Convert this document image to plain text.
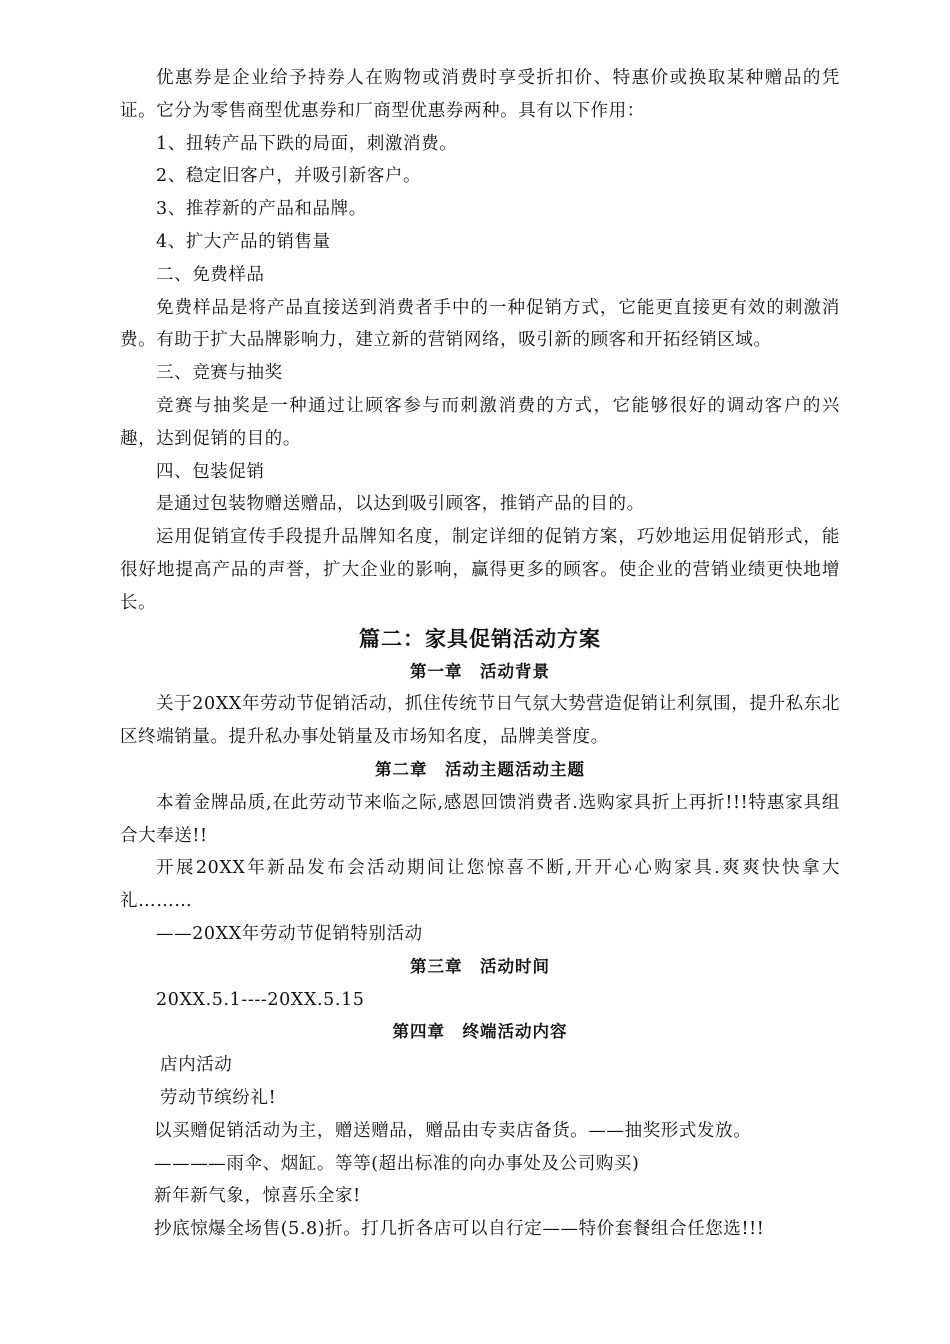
优惠券是企业给予持券人在购物或消费时享受折扣价、特惠价或换取某种赠品的凭证。它分为零售商型优惠券和厂商型优惠券两种。具有以下作用：

1、扭转产品下跌的局面，刺激消费。

2、稳定旧客户，并吸引新客户。

3、推荐新的产品和品牌。

4、扩大产品的销售量

二、免费样品

免费样品是将产品直接送到消费者手中的一种促销方式，它能更直接更有效的刺激消费。有助于扩大品牌影响力，建立新的营销网络，吸引新的顾客和开拓经销区域。

三、竞赛与抽奖

竞赛与抽奖是一种通过让顾客参与而刺激消费的方式，它能够很好的调动客户的兴趣，达到促销的目的。

四、包装促销

是通过包装物赠送赠品，以达到吸引顾客，推销产品的目的。

运用促销宣传手段提升品牌知名度，制定详细的促销方案，巧妙地运用促销形式，能很好地提高产品的声誉，扩大企业的影响，赢得更多的顾客。使企业的营销业绩更快地增长。

篇二：家具促销活动方案
第一章　活动背景

关于20XX年劳动节促销活动，抓住传统节日气氛大势营造促销让利氛围，提升私东北区终端销量。提升私办事处销量及市场知名度，品牌美誉度。

第二章　活动主题活动主题

本着金牌品质,在此劳动节来临之际,感恩回馈消费者.选购家具折上再折!!!特惠家具组合大奉送!!

开展20XX年新品发布会活动期间让您惊喜不断,开开心心购家具.爽爽快快拿大礼………

——20XX年劳动节促销特别活动

第三章　活动时间

20XX.5.1----20XX.5.15

第四章　终端活动内容

店内活动

劳动节缤纷礼!

以买赠促销活动为主，赠送赠品，赠品由专卖店备货。——抽奖形式发放。

————雨伞、烟缸。等等(超出标准的向办事处及公司购买)

新年新气象，惊喜乐全家!

抄底惊爆全场售(5.8)折。打几折各店可以自行定——特价套餐组合任您选!!!
